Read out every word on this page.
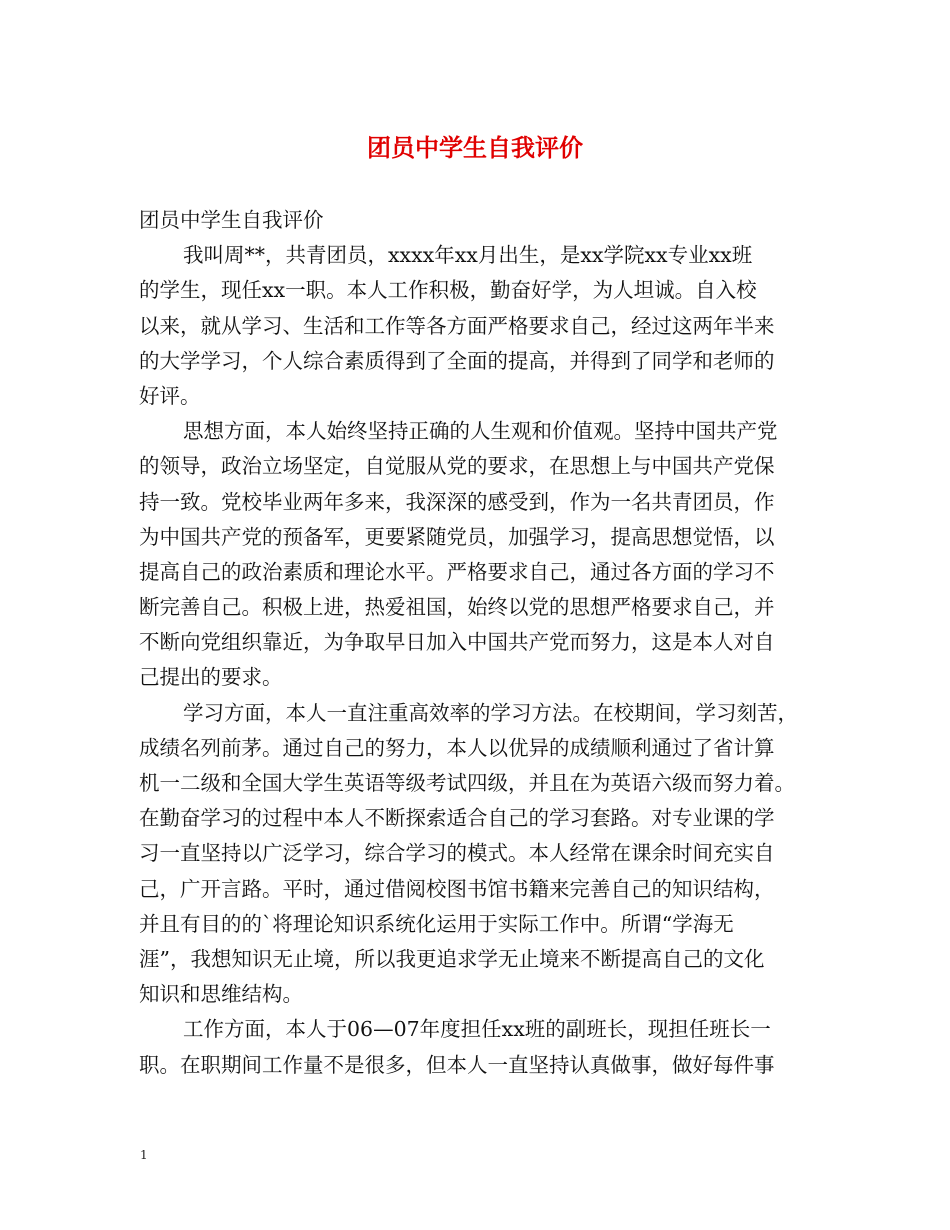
团员中学生自我评价
团员中学生自我评价
我叫周**，共青团员，xxxx年xx月出生，是xx学院xx专业xx班
的学生，现任xx一职。本人工作积极，勤奋好学，为人坦诚。自入校
以来，就从学习、生活和工作等各方面严格要求自己，经过这两年半来
的大学学习，个人综合素质得到了全面的提高，并得到了同学和老师的
好评。
思想方面，本人始终坚持正确的人生观和价值观。坚持中国共产党
的领导，政治立场坚定，自觉服从党的要求，在思想上与中国共产党保
持一致。党校毕业两年多来，我深深的感受到，作为一名共青团员，作
为中国共产党的预备军，更要紧随党员，加强学习，提高思想觉悟，以
提高自己的政治素质和理论水平。严格要求自己，通过各方面的学习不
断完善自己。积极上进，热爱祖国，始终以党的思想严格要求自己，并
不断向党组织靠近，为争取早日加入中国共产党而努力，这是本人对自
己提出的要求。
学习方面，本人一直注重高效率的学习方法。在校期间，学习刻苦，
成绩名列前茅。通过自己的努力，本人以优异的成绩顺利通过了省计算
机一二级和全国大学生英语等级考试四级，并且在为英语六级而努力着。
在勤奋学习的过程中本人不断探索适合自己的学习套路。对专业课的学
习一直坚持以广泛学习，综合学习的模式。本人经常在课余时间充实自
己，广开言路。平时，通过借阅校图书馆书籍来完善自己的知识结构，
并且有目的的`将理论知识系统化运用于实际工作中。所谓“学海无
涯”，我想知识无止境，所以我更追求学无止境来不断提高自己的文化
知识和思维结构。
工作方面，本人于06—07年度担任xx班的副班长，现担任班长一
职。在职期间工作量不是很多，但本人一直坚持认真做事，做好每件事
1
